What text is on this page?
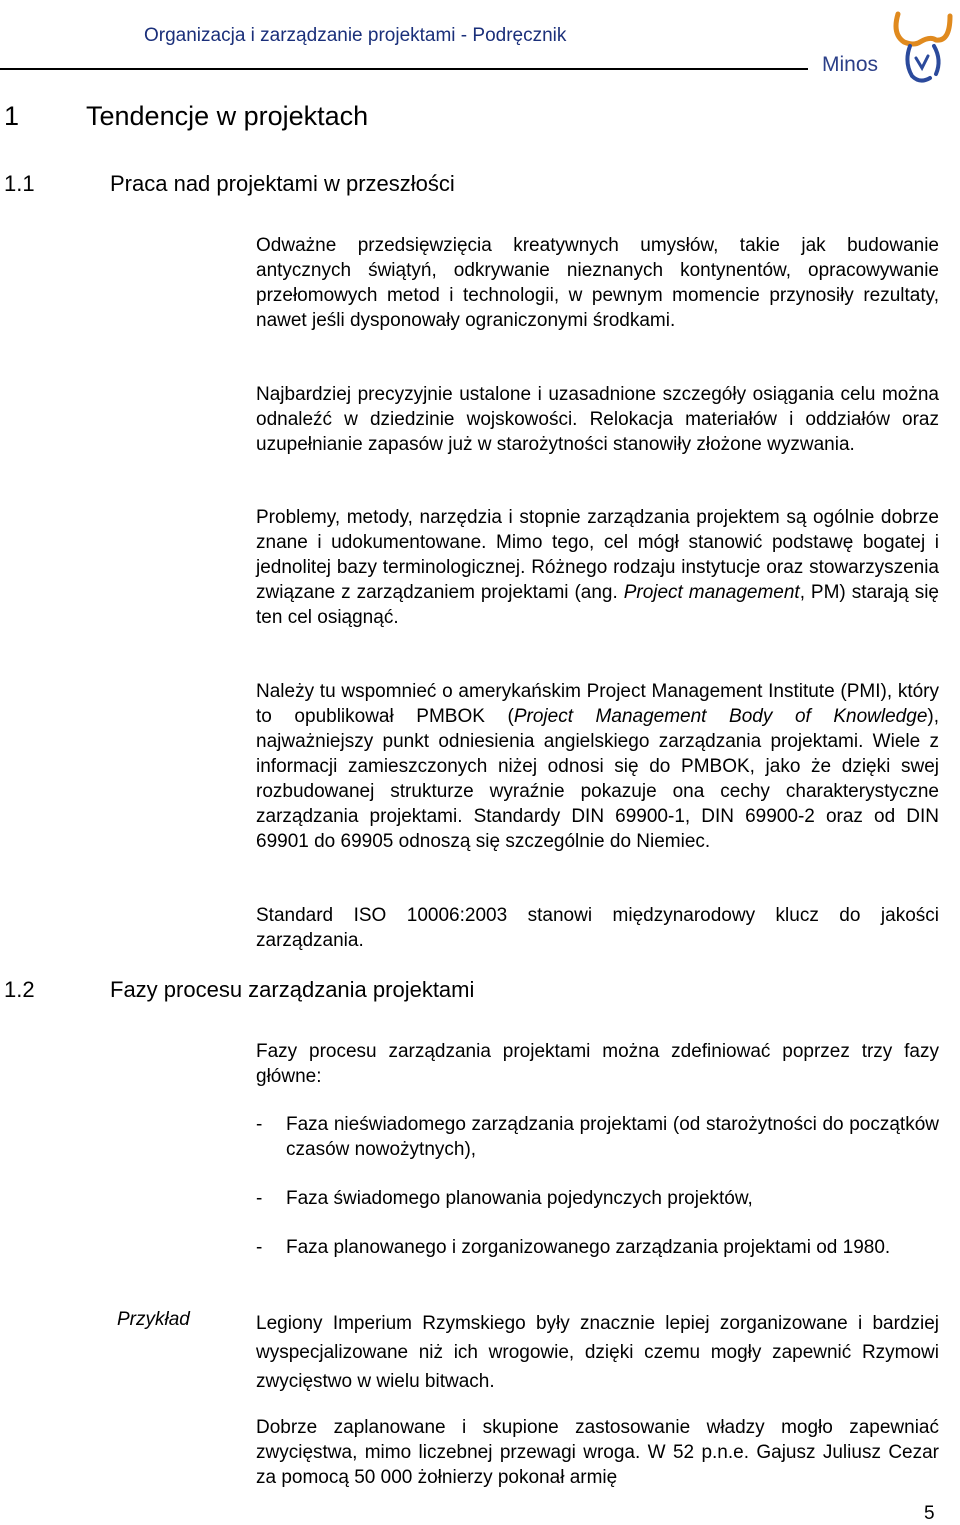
Organizacja i zarządzanie projektami - Podręcznik
Minos
1 Tendencje w projektach
1.1	Praca nad projektami w przeszłości

Odważne przedsięwzięcia kreatywnych umysłów, takie jak budowanie antycznych świątyń, odkrywanie nieznanych kontynentów, opracowywanie przełomowych metod i technologii, w pewnym momencie przynosiły rezultaty, nawet jeśli dysponowały ograniczonymi środkami.

Najbardziej precyzyjnie ustalone i uzasadnione szczegóły osiągania celu można odnaleźć w dziedzinie wojskowości. Relokacja materiałów i oddziałów oraz uzupełnianie zapasów już w starożytności stanowiły złożone wyzwania.

Problemy, metody, narzędzia i stopnie zarządzania projektem są ogólnie dobrze znane i udokumentowane. Mimo tego, cel mógł stanowić podstawę bogatej i jednolitej bazy terminologicznej. Różnego rodzaju instytucje oraz stowarzyszenia związane z zarządzaniem projektami (ang. Project management, PM) starają się ten cel osiągnąć.

Należy tu wspomnieć o amerykańskim Project Management Institute (PMI), który to opublikował PMBOK (Project Management Body of Knowledge), najważniejszy punkt odniesienia angielskiego zarządzania projektami. Wiele z informacji zamieszczonych niżej odnosi się do PMBOK, jako że dzięki swej rozbudowanej strukturze wyraźnie pokazuje ona cechy charakterystyczne zarządzania projektami. Standardy DIN 69900-1, DIN 69900-2 oraz od DIN 69901 do 69905 odnoszą się szczególnie do Niemiec.

Standard ISO 10006:2003 stanowi międzynarodowy klucz do jakości zarządzania.

1.2	Fazy procesu zarządzania projektami

Fazy procesu zarządzania projektami można zdefiniować poprzez trzy fazy główne:

- Faza nieświadomego zarządzania projektami (od starożytności do początków czasów nowożytnych),
- Faza świadomego planowania pojedynczych projektów,
- Faza planowanego i zorganizowanego zarządzania projektami od 1980.
Przykład	Legiony Imperium Rzymskiego były znacznie lepiej zorganizowane i bardziej wyspecjalizowane niż ich wrogowie, dzięki czemu mogły zapewnić Rzymowi zwycięstwo w wielu bitwach.

Dobrze zaplanowane i skupione zastosowanie władzy mogło zapewniać zwycięstwa, mimo liczebnej przewagi wroga. W 52 p.n.e. Gajusz Juliusz Cezar za pomocą 50 000 żołnierzy pokonał armię

5
